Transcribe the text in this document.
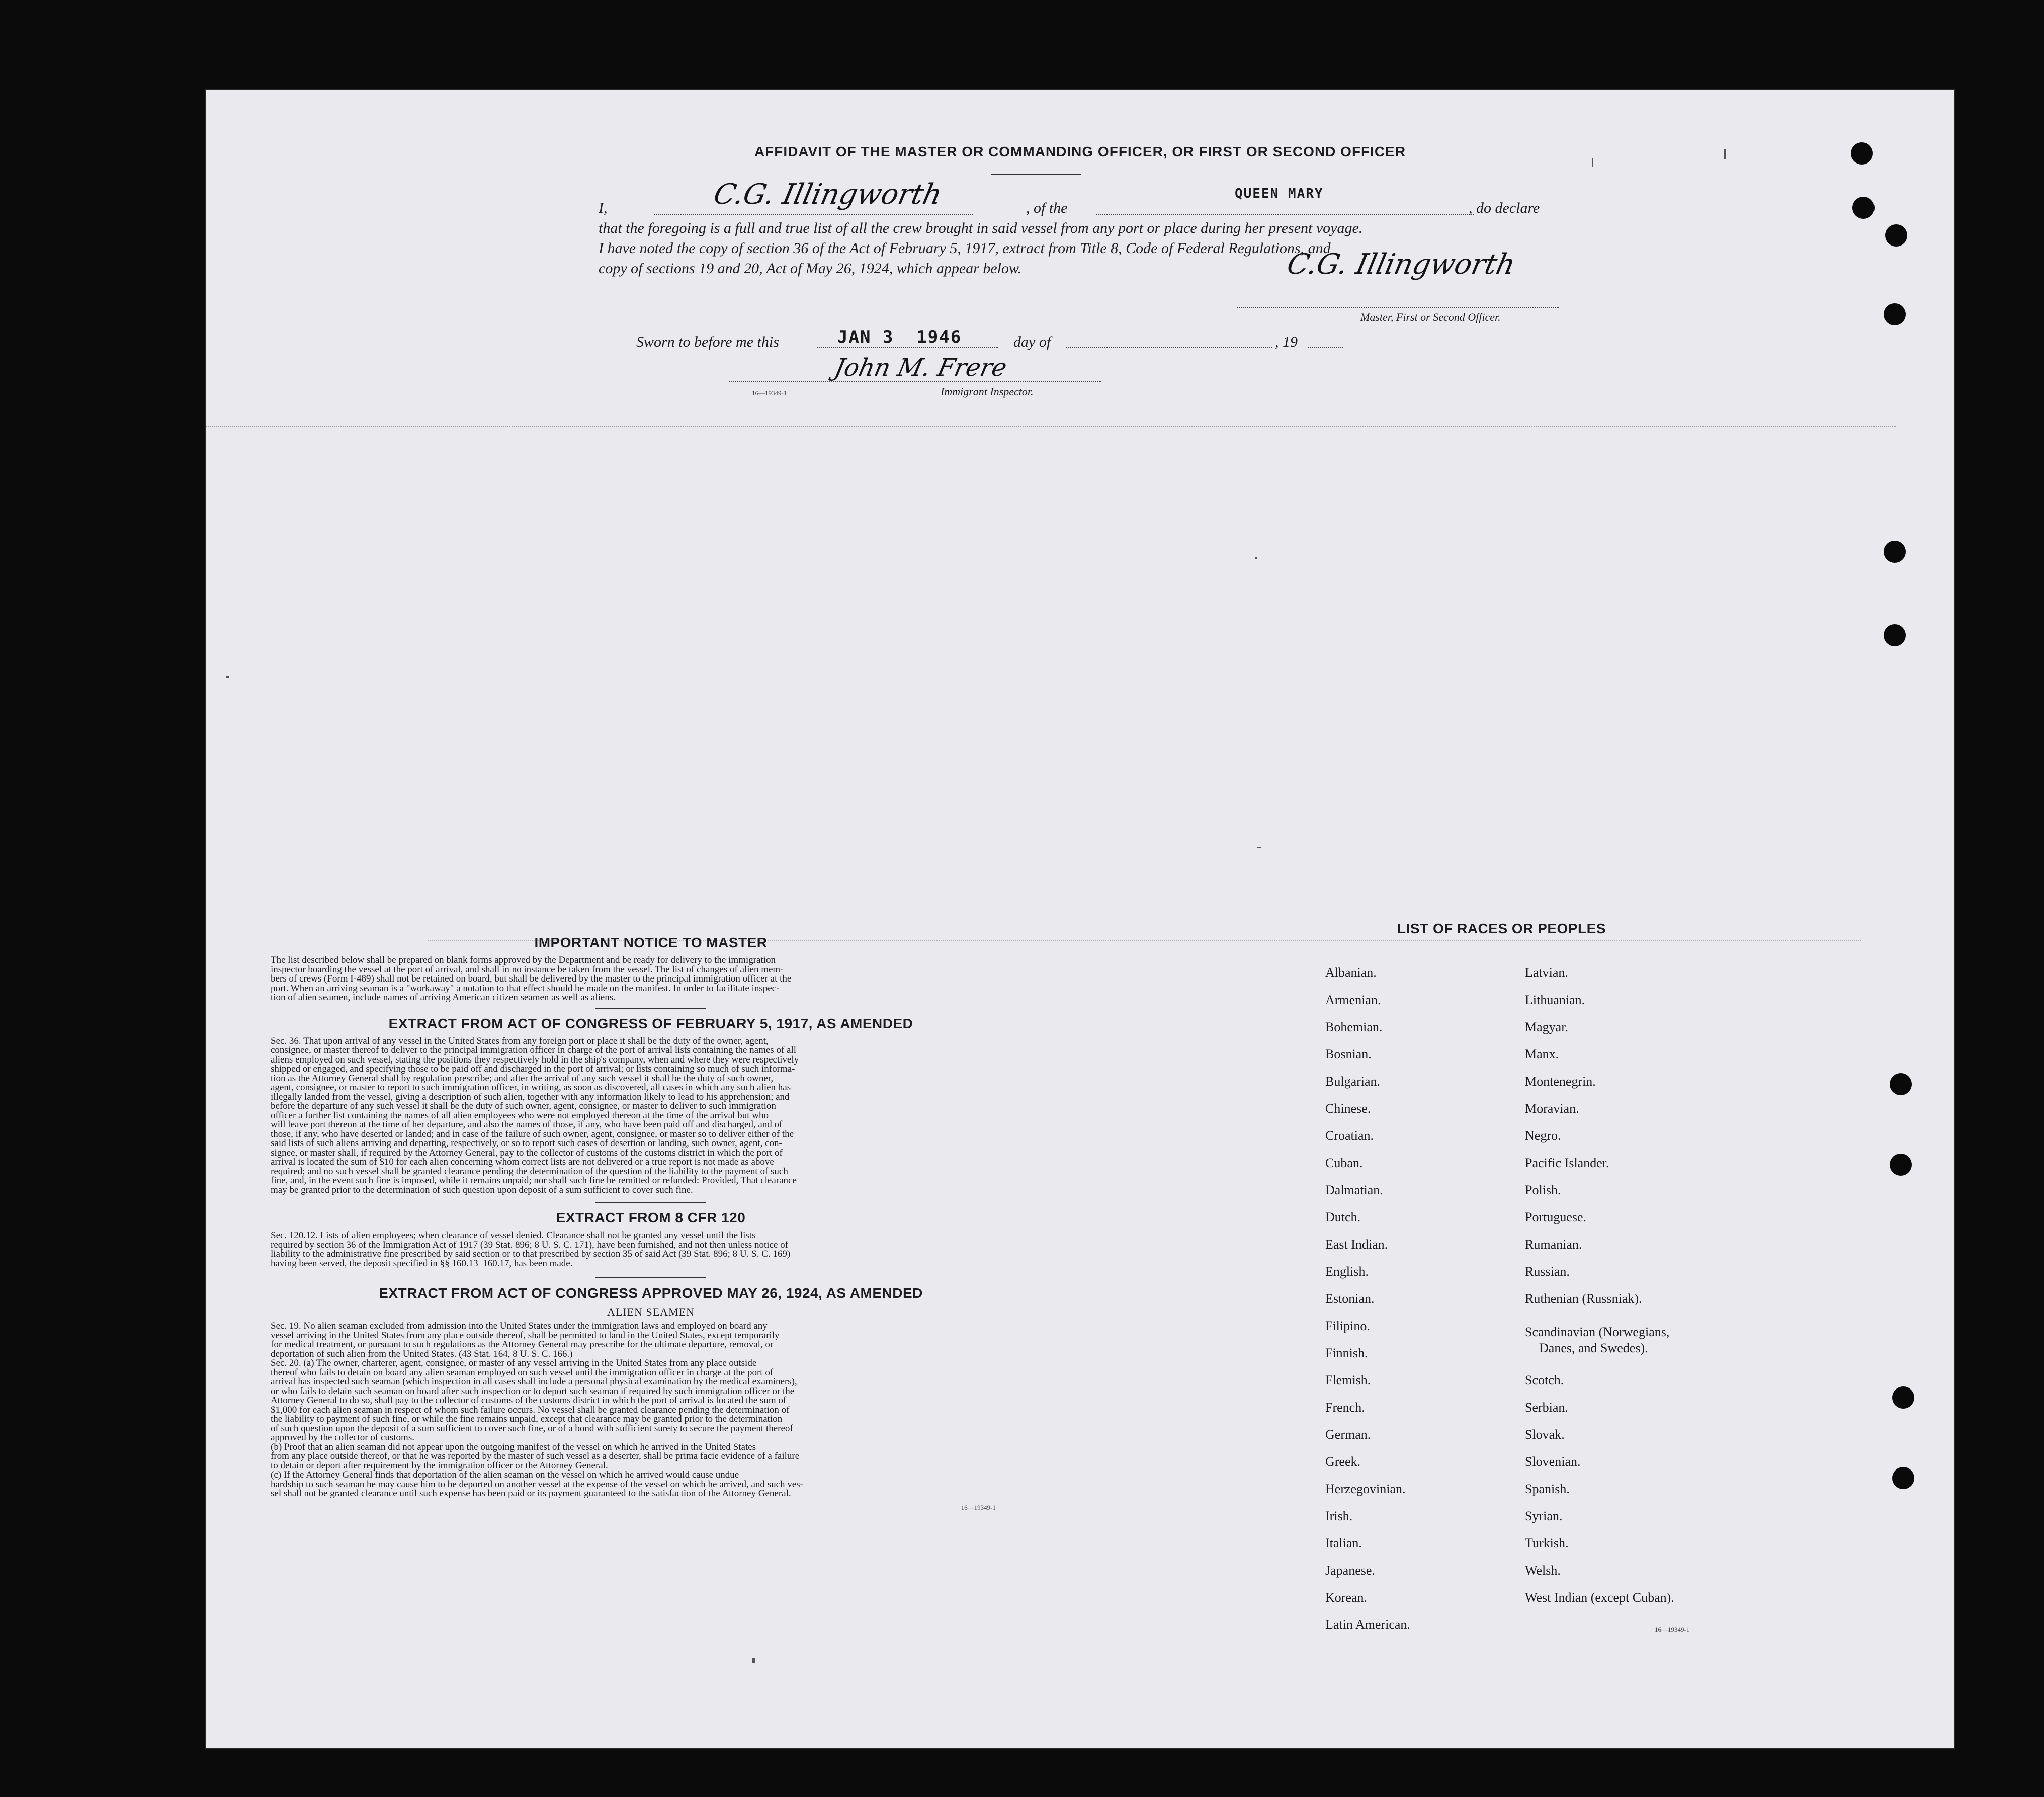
AFFIDAVIT OF THE MASTER OR COMMANDING OFFICER, OR FIRST OR SECOND OFFICER
I,	C.G. Illingworth	, of the
QUEEN MARY
, do declare
that the foregoing is a full and true list of all the crew brought in said vessel from any port or place during her present voyage.
I have noted the copy of section 36 of the Act of February 5, 1917, extract from Title 8, Code of Federal Regulations, and
copy of sections 19 and 20, Act of May 26, 1924, which appear below.	C.G. Illingworth
Master, First or Second Officer.
Sworn to before me this	JAN 3  1946	day of	, 19
John M. Frere
Immigrant Inspector.
16—19349-1
IMPORTANT NOTICE TO MASTER

The list described below shall be prepared on blank forms approved by the Department and be ready for delivery to the immigration

inspector boarding the vessel at the port of arrival, and shall in no instance be taken from the vessel. The list of changes of alien mem-

bers of crews (Form I-489) shall not be retained on board, but shall be delivered by the master to the principal immigration officer at the

port. When an arriving seaman is a "workaway" a notation to that effect should be made on the manifest. In order to facilitate inspec-

tion of alien seamen, include names of arriving American citizen seamen as well as aliens.

EXTRACT FROM ACT OF CONGRESS OF FEBRUARY 5, 1917, AS AMENDED

Sec. 36. That upon arrival of any vessel in the United States from any foreign port or place it shall be the duty of the owner, agent,

consignee, or master thereof to deliver to the principal immigration officer in charge of the port of arrival lists containing the names of all

aliens employed on such vessel, stating the positions they respectively hold in the ship's company, when and where they were respectively

shipped or engaged, and specifying those to be paid off and discharged in the port of arrival; or lists containing so much of such informa-

tion as the Attorney General shall by regulation prescribe; and after the arrival of any such vessel it shall be the duty of such owner,

agent, consignee, or master to report to such immigration officer, in writing, as soon as discovered, all cases in which any such alien has

illegally landed from the vessel, giving a description of such alien, together with any information likely to lead to his apprehension; and

before the departure of any such vessel it shall be the duty of such owner, agent, consignee, or master to deliver to such immigration

officer a further list containing the names of all alien employees who were not employed thereon at the time of the arrival but who

will leave port thereon at the time of her departure, and also the names of those, if any, who have been paid off and discharged, and of

those, if any, who have deserted or landed; and in case of the failure of such owner, agent, consignee, or master so to deliver either of the

said lists of such aliens arriving and departing, respectively, or so to report such cases of desertion or landing, such owner, agent, con-

signee, or master shall, if required by the Attorney General, pay to the collector of customs of the customs district in which the port of

arrival is located the sum of $10 for each alien concerning whom correct lists are not delivered or a true report is not made as above

required; and no such vessel shall be granted clearance pending the determination of the question of the liability to the payment of such

fine, and, in the event such fine is imposed, while it remains unpaid; nor shall such fine be remitted or refunded: Provided, That clearance

may be granted prior to the determination of such question upon deposit of a sum sufficient to cover such fine.

EXTRACT FROM 8 CFR 120

Sec. 120.12. Lists of alien employees; when clearance of vessel denied. Clearance shall not be granted any vessel until the lists

required by section 36 of the Immigration Act of 1917 (39 Stat. 896; 8 U. S. C. 171), have been furnished, and not then unless notice of

liability to the administrative fine prescribed by said section or to that prescribed by section 35 of said Act (39 Stat. 896; 8 U. S. C. 169)

having been served, the deposit specified in §§ 160.13–160.17, has been made.

EXTRACT FROM ACT OF CONGRESS APPROVED MAY 26, 1924, AS AMENDED
ALIEN SEAMEN

Sec. 19. No alien seaman excluded from admission into the United States under the immigration laws and employed on board any

vessel arriving in the United States from any place outside thereof, shall be permitted to land in the United States, except temporarily

for medical treatment, or pursuant to such regulations as the Attorney General may prescribe for the ultimate departure, removal, or

deportation of such alien from the United States. (43 Stat. 164, 8 U. S. C. 166.)

Sec. 20. (a) The owner, charterer, agent, consignee, or master of any vessel arriving in the United States from any place outside

thereof who fails to detain on board any alien seaman employed on such vessel until the immigration officer in charge at the port of

arrival has inspected such seaman (which inspection in all cases shall include a personal physical examination by the medical examiners),

or who fails to detain such seaman on board after such inspection or to deport such seaman if required by such immigration officer or the

Attorney General to do so, shall pay to the collector of customs of the customs district in which the port of arrival is located the sum of

$1,000 for each alien seaman in respect of whom such failure occurs. No vessel shall be granted clearance pending the determination of

the liability to payment of such fine, or while the fine remains unpaid, except that clearance may be granted prior to the determination

of such question upon the deposit of a sum sufficient to cover such fine, or of a bond with sufficient surety to secure the payment thereof

approved by the collector of customs.

(b) Proof that an alien seaman did not appear upon the outgoing manifest of the vessel on which he arrived in the United States

from any place outside thereof, or that he was reported by the master of such vessel as a deserter, shall be prima facie evidence of a failure

to detain or deport after requirement by the immigration officer or the Attorney General.

(c) If the Attorney General finds that deportation of the alien seaman on the vessel on which he arrived would cause undue

hardship to such seaman he may cause him to be deported on another vessel at the expense of the vessel on which he arrived, and such ves-

sel shall not be granted clearance until such expense has been paid or its payment guaranteed to the satisfaction of the Attorney General.

16—19349-1
LIST OF RACES OR PEOPLES
Albanian.
Armenian.
Bohemian.
Bosnian.
Bulgarian.
Chinese.
Croatian.
Cuban.
Dalmatian.
Dutch.
East Indian.
English.
Estonian.
Filipino.
Finnish.
Flemish.
French.
German.
Greek.
Herzegovinian.
Irish.
Italian.
Japanese.
Korean.
Latin American.
Latvian.
Lithuanian.
Magyar.
Manx.
Montenegrin.
Moravian.
Negro.
Pacific Islander.
Polish.
Portuguese.
Rumanian.
Russian.
Ruthenian (Russniak).
Scandinavian (Norwegians,
Danes, and Swedes).
Scotch.
Serbian.
Slovak.
Slovenian.
Spanish.
Syrian.
Turkish.
Welsh.
West Indian (except Cuban).
16—19349-1
